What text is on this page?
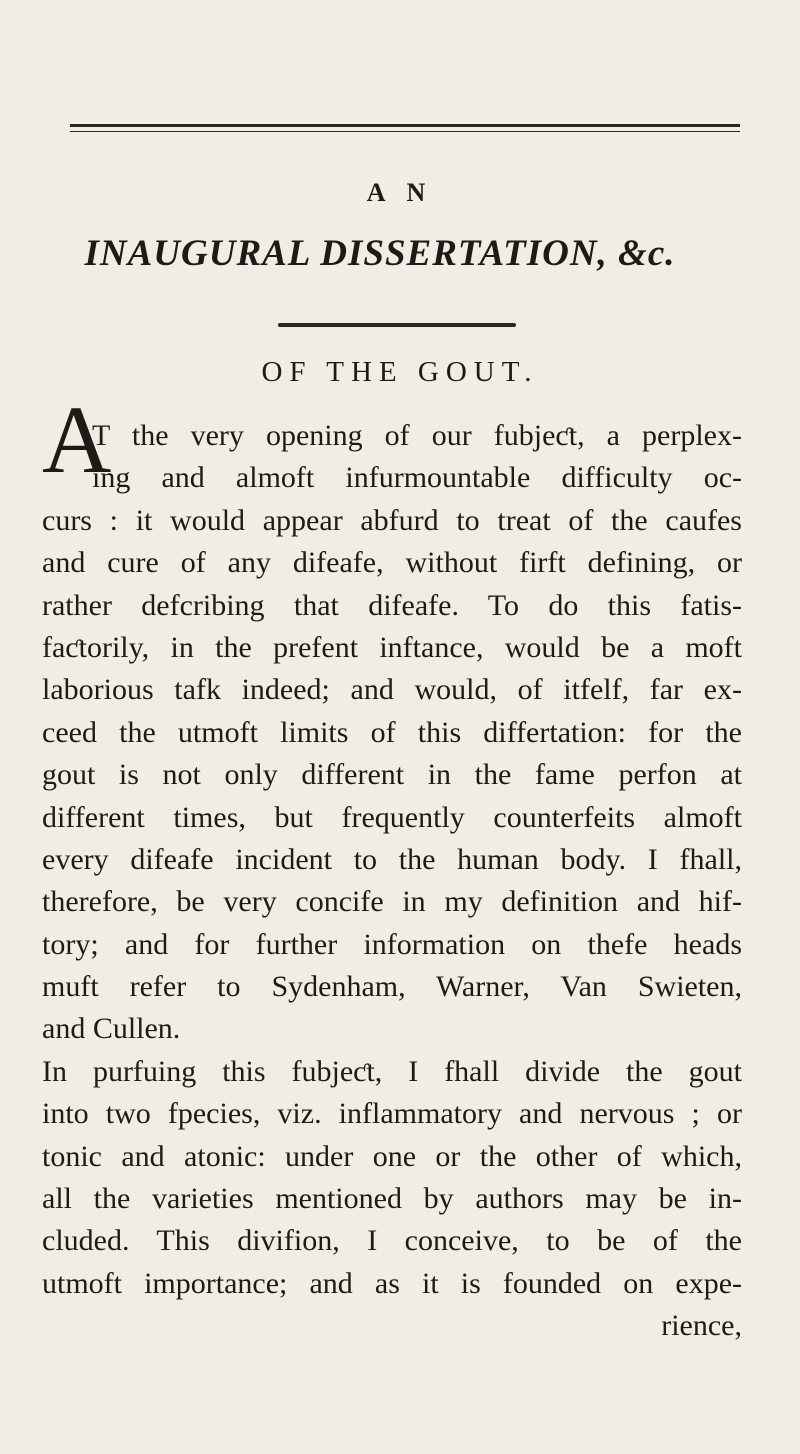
A N
INAUGURAL DISSERTATION, &c.
OF THE GOUT.
A
T the very opening of our fubjeƈt, a perplex-
ing and almoft infurmountable difficulty oc-
curs : it would appear abfurd to treat of the caufes
and cure of any difeafe, without firft defining, or
rather defcribing that difeafe. To do this fatis-
faƈtorily, in the prefent inftance, would be a moft
laborious tafk indeed; and would, of itfelf, far ex-
ceed the utmoft limits of this differtation: for the
gout is not only different in the fame perfon at
different times, but frequently counterfeits almoft
every difeafe incident to the human body. I fhall,
therefore, be very concife in my definition and hif-
tory; and for further information on thefe heads
muft refer to Sydenham, Warner, Van Swieten,
and Cullen.
In purfuing this fubjeƈt, I fhall divide the gout
into two fpecies, viz. inflammatory and nervous ; or
tonic and atonic: under one or the other of which,
all the varieties mentioned by authors may be in-
cluded. This divifion, I conceive, to be of the
utmoft importance; and as it is founded on expe-
rience,
